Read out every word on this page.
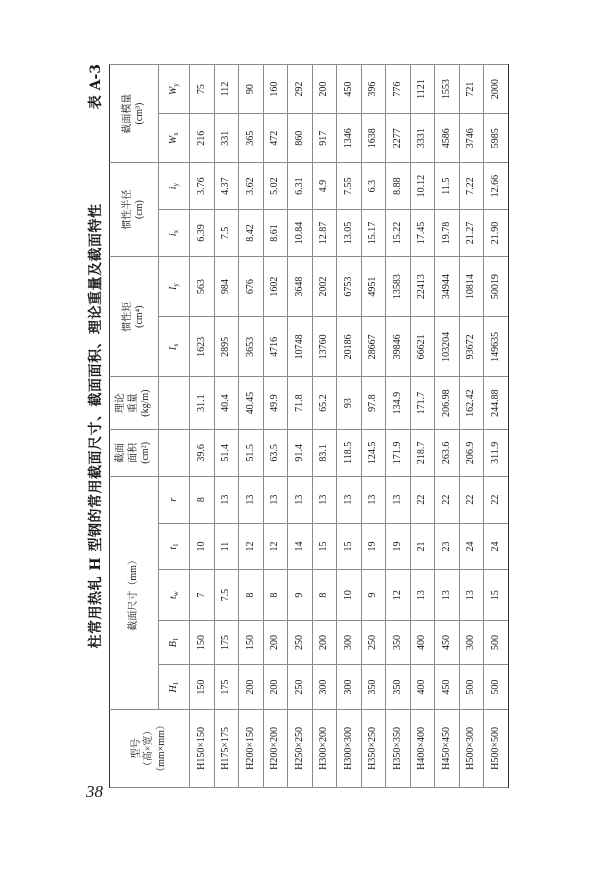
38
柱常用热轧 H 型钢的常用截面尺寸、截面面积、理论重量及截面特性
表 A-3
型号 （高×宽） （mm×mm）	截面尺寸（mm）					截面 面积 (cm²)	理论 重量 (kg/m)	惯性矩 (cm⁴)		惯性半径 (cm)		截面模量 (cm³)	

								$I_x$	$I_y$	$i_x$	$i_y$	$W_x$	$W_y$
	$H_1$	$B_1$	$t_w$	$t_1$	r								
H150×150	150	150	7	10	8	39.6	31.1	1623	563	6.39	3.76	216	75
H175×175	175	175	7.5	11	13	51.4	40.4	2895	984	7.5	4.37	331	112
H200×150	200	150	8	12	13	51.5	40.45	3653	676	8.42	3.62	365	90
H200×200	200	200	8	12	13	63.5	49.9	4716	1602	8.61	5.02	472	160
H250×250	250	250	9	14	13	91.4	71.8	10748	3648	10.84	6.31	860	292
H300×200	300	200	8	15	13	83.1	65.2	13760	2002	12.87	4.9	917	200
H300×300	300	300	10	15	13	118.5	93	20186	6753	13.05	7.55	1346	450
H350×250	350	250	9	19	13	124.5	97.8	28667	4951	15.17	6.3	1638	396
H350×350	350	350	12	19	13	171.9	134.9	39846	13583	15.22	8.88	2277	776
H400×400	400	400	13	21	22	218.7	171.7	66621	22413	17.45	10.12	3331	1121
H450×450	450	450	13	23	22	263.6	206.98	103204	34944	19.78	11.5	4586	1553
H500×300	500	300	13	24	22	206.9	162.42	93672	10814	21.27	7.22	3746	721
H500×500	500	500	15	24	22	311.9	244.88	149635	50019	21.90	12.66	5985	2000
